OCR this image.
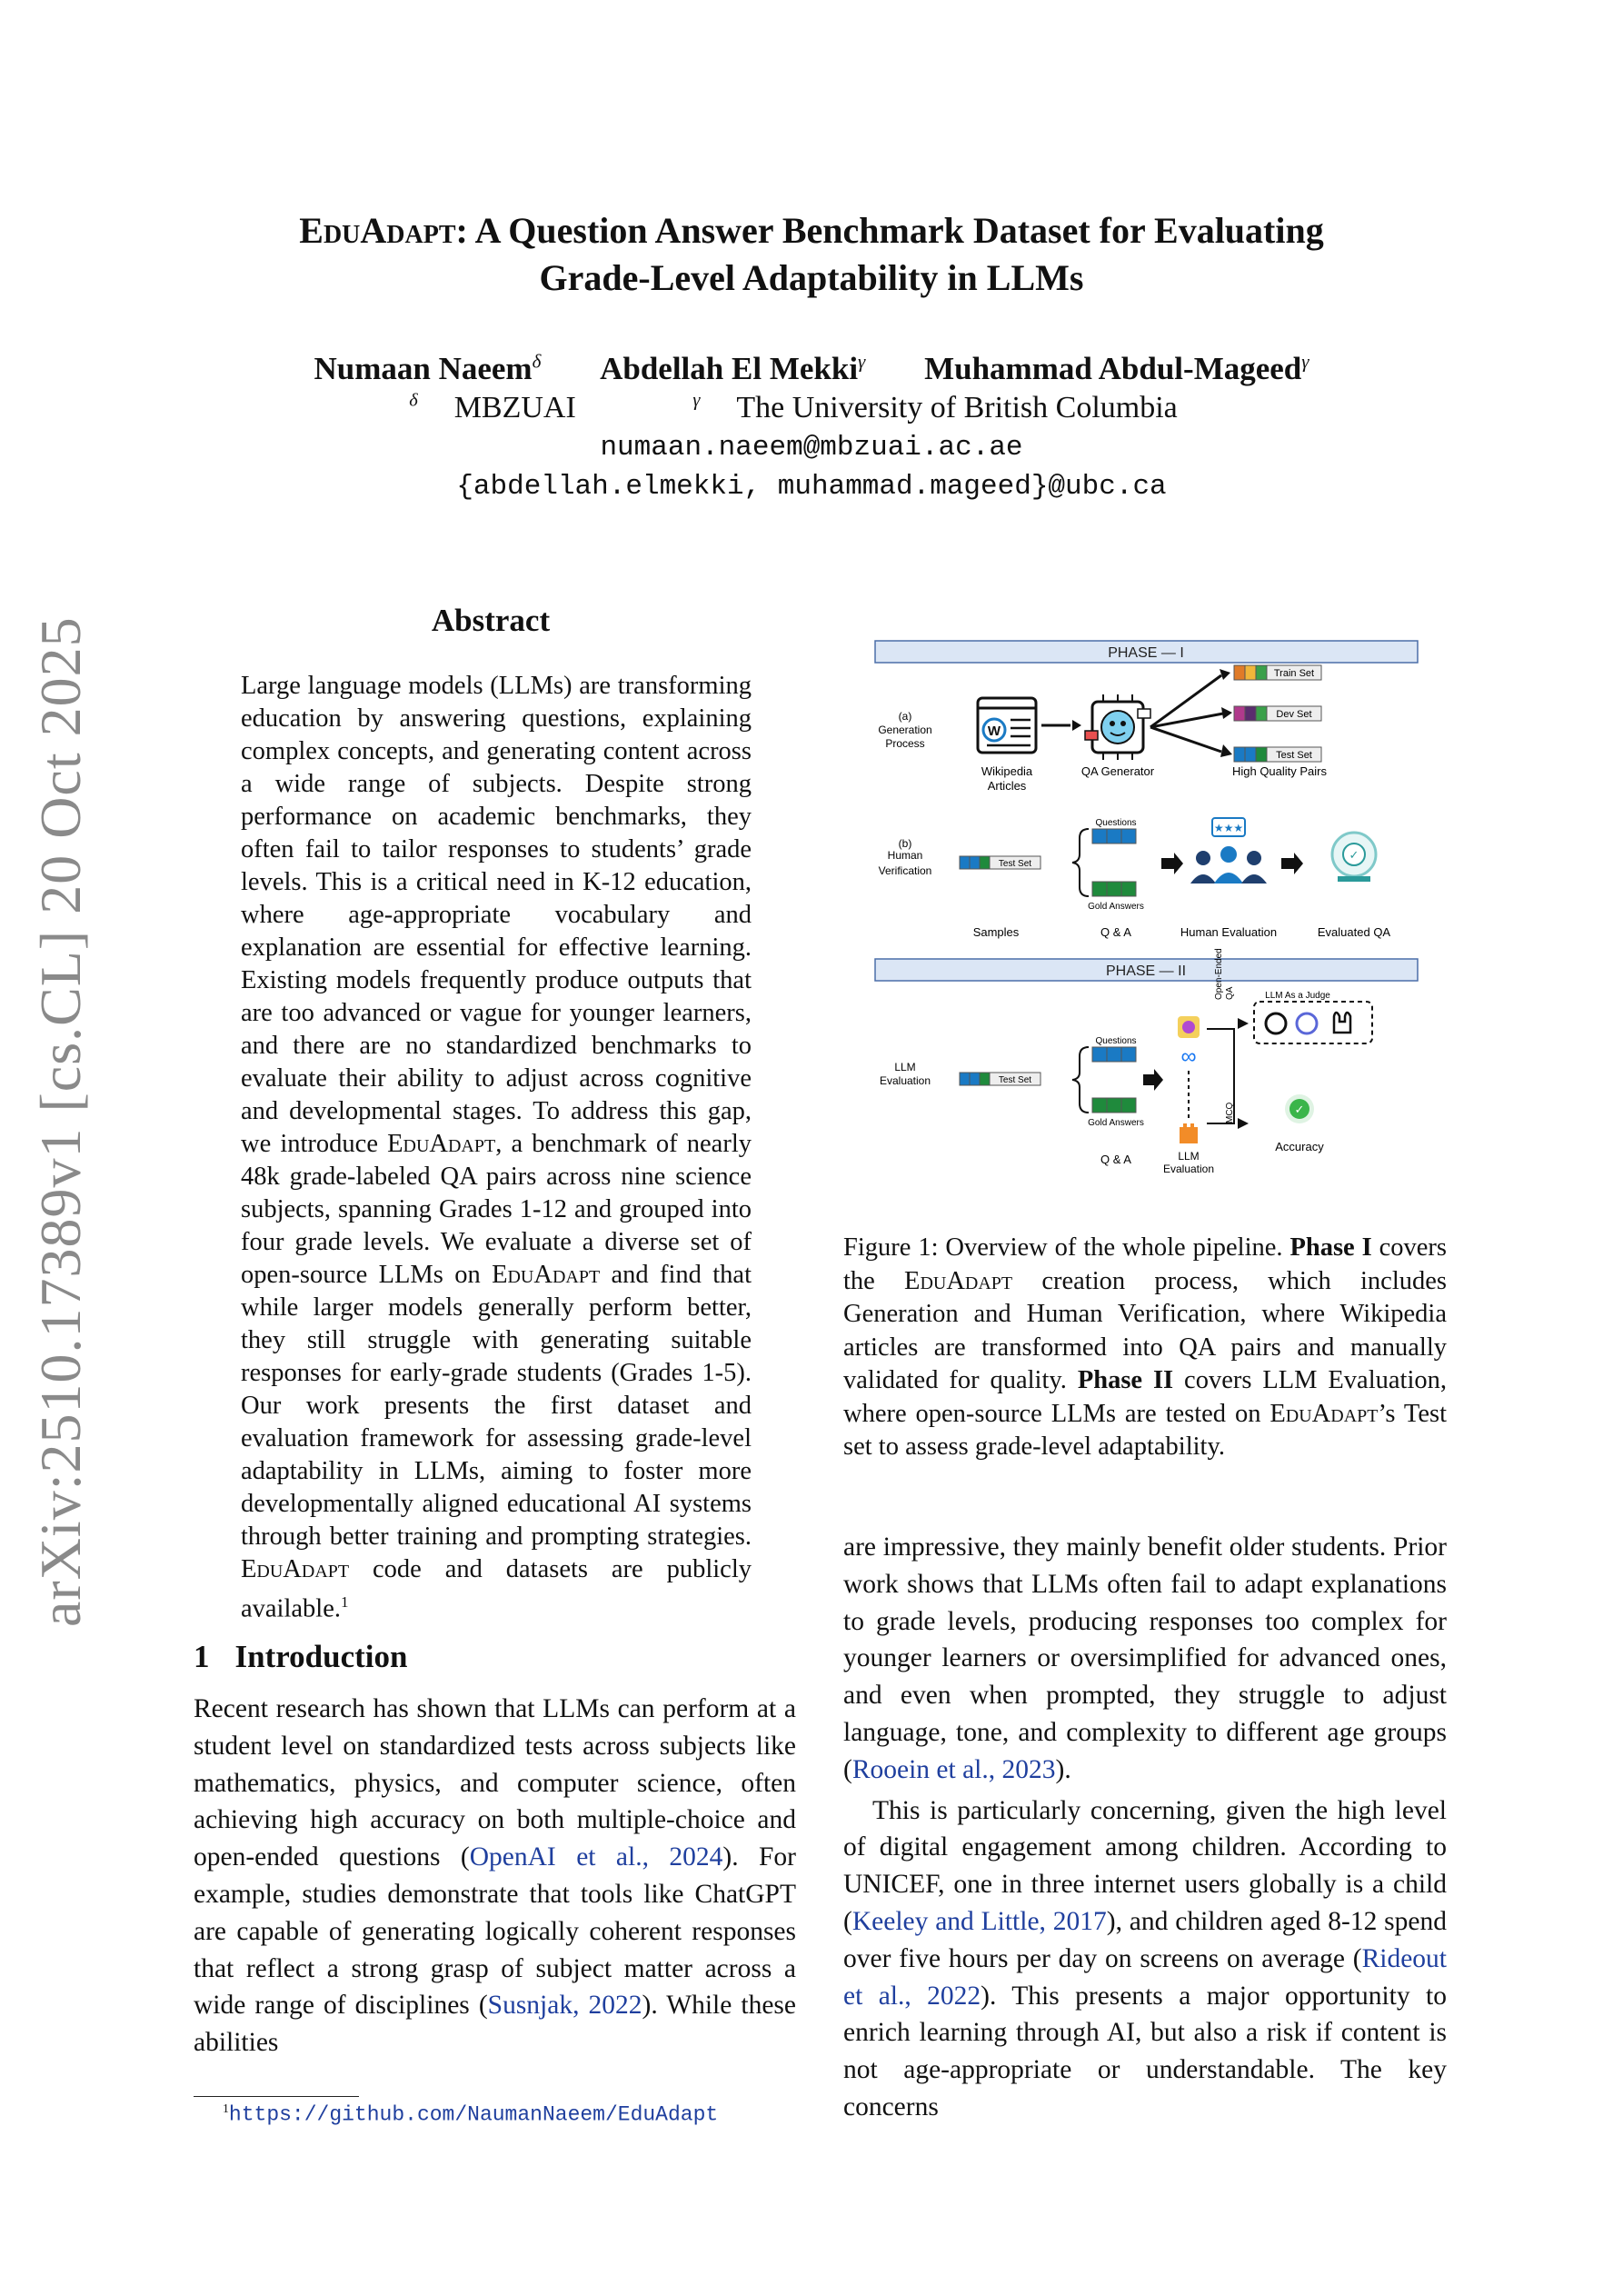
EduAdapt: A Question Answer Benchmark Dataset for Evaluating
Grade-Level Adaptability in LLMs
Numaan Naeem$^\delta$ Abdellah El Mekki$^\gamma$ Muhammad Abdul-Mageed$^\gamma$
$^\delta$ MBZUAI	$^\gamma$ The University of British Columbia
numaan.naeem@mbzuai.ac.ae
{abdellah.elmekki, muhammad.mageed}@ubc.ca
arXiv:2510.17389v1 [cs.CL] 20 Oct 2025	Abstract
Large language models (LLMs) are transforming education by answering questions, explaining complex concepts, and generating content across a wide range of subjects. Despite strong performance on academic benchmarks, they often fail to tailor responses to students’ grade levels. This is a critical need in K-12 education, where age-appropriate vocabulary and explanation are essential for effective learning. Existing models frequently produce outputs that are too advanced or vague for younger learners, and there are no standardized benchmarks to evaluate their ability to adjust across cognitive and developmental stages. To address this gap, we introduce EduAdapt, a benchmark of nearly 48k grade-labeled QA pairs across nine science subjects, spanning Grades 1-12 and grouped into four grade levels. We evaluate a diverse set of open-source LLMs on EduAdapt and find that while larger models generally perform better, they still struggle with generating suitable responses for early-grade students (Grades 1-5). Our work presents the first dataset and evaluation framework for assessing grade-level adaptability in LLMs, aiming to foster more developmentally aligned educational AI systems through better training and prompting strategies. EduAdapt code and datasets are publicly available.$^1$
PHASE — I
(a)
Generation
Process
W
Wikipedia
Articles
QA Generator
Train Set
Dev Set
Test Set
High Quality Pairs
(b)
Human
Verification
Test Set
Questions
Gold Answers
★★★
✓
Samples	Q & A	Human Evaluation	Evaluated QA
PHASE — II
LLM
Evaluation	Test Set
Questions
Gold Answers
Q & A
∞
LLM
Evaluation
Open-Ended QA
MCQ
LLM As a Judge
✓
Accuracy
Figure 1: Overview of the whole pipeline. Phase I covers the EduAdapt creation process, which includes Generation and Human Verification, where Wikipedia articles are transformed into QA pairs and manually validated for quality. Phase II covers LLM Evaluation, where open-source LLMs are tested on EduAdapt’s Test set to assess grade-level adaptability.
1 Introduction
Recent research has shown that LLMs can perform at a student level on standardized tests across subjects like mathematics, physics, and computer science, often achieving high accuracy on both multiple-choice and open-ended questions (OpenAI et al., 2024). For example, studies demonstrate that tools like ChatGPT are capable of generating logically coherent responses that reflect a strong grasp of subject matter across a wide range of disciplines (Susnjak, 2022). While these abilities

are impressive, they mainly benefit older students. Prior work shows that LLMs often fail to adapt explanations to grade levels, producing responses too complex for younger learners or oversimplified for advanced ones, and even when prompted, they struggle to adjust language, tone, and complexity to different age groups (Rooein et al., 2023).

This is particularly concerning, given the high level of digital engagement among children. According to UNICEF, one in three internet users globally is a child (Keeley and Little, 2017), and children aged 8-12 spend over five hours per day on screens on average (Rideout et al., 2022). This presents a major opportunity to enrich learning through AI, but also a risk if content is not age-appropriate or understandable. The key concerns

$^1$https://github.com/NaumanNaeem/EduAdapt
